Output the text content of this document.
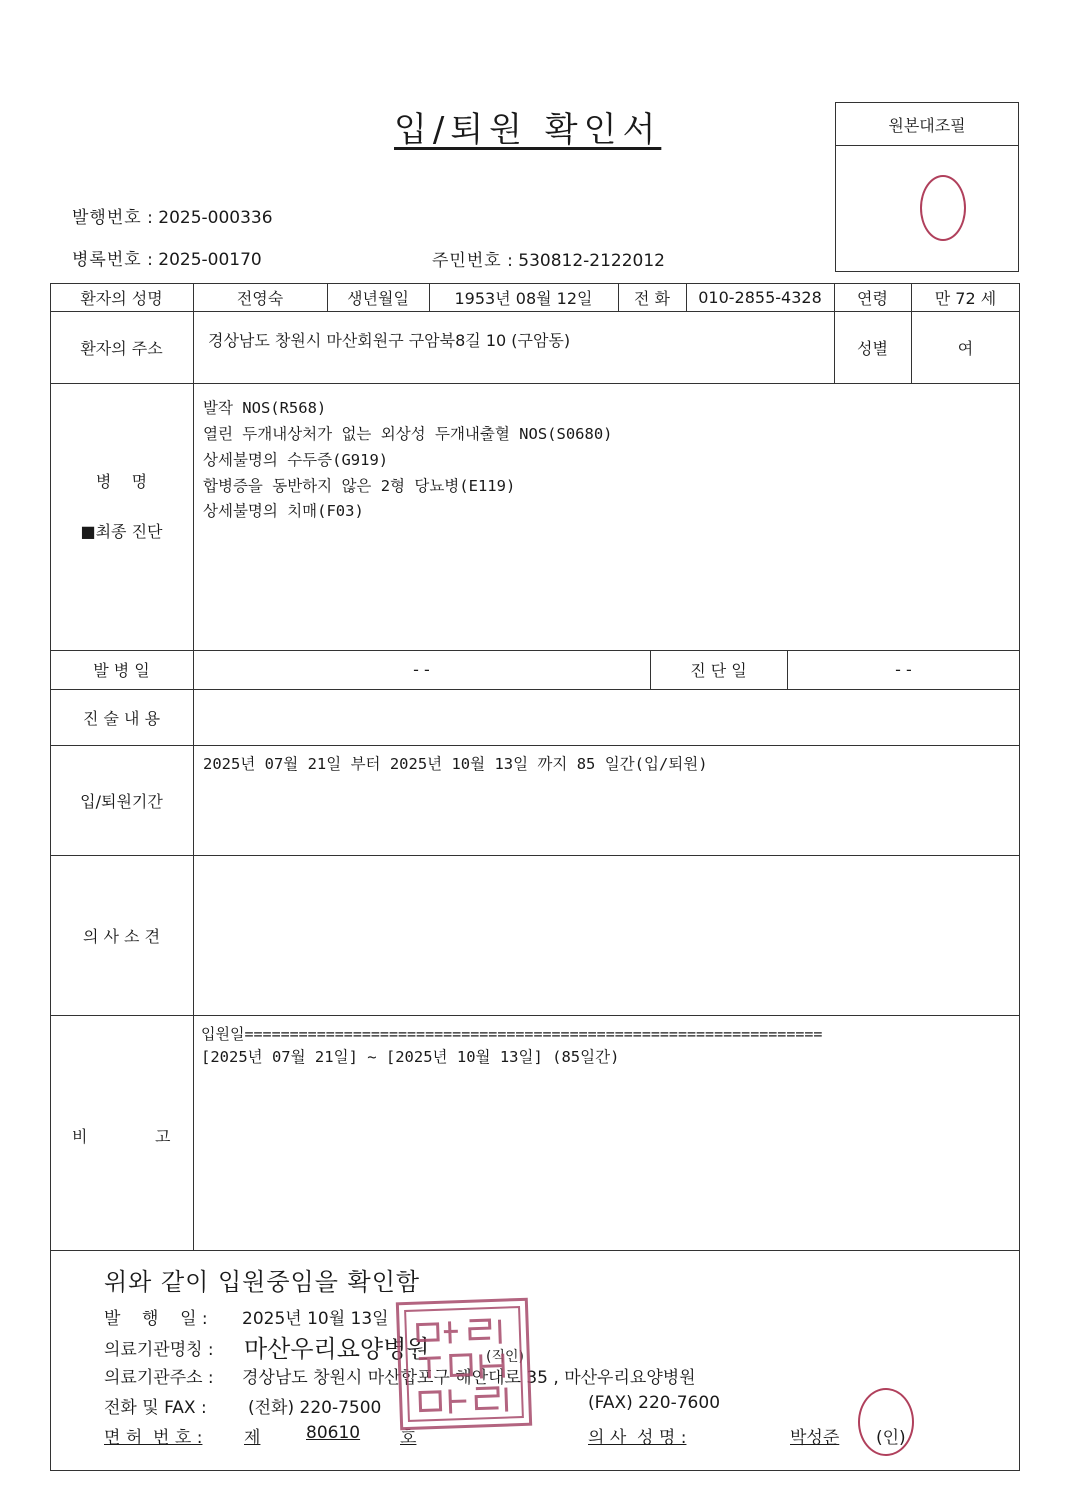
입/퇴원 확인서	원본대조필
발행번호 : 2025-000336
병록번호 : 2025-00170	주민번호 : 530812-2122012
환자의 성명	전영숙	생년월일	1953년 08월 12일	전 화	010-2855-4328	연령	만 72 세
환자의 주소	경상남도 창원시 마산회원구 구암북8길 10 (구암동)	성별	여
병    명
■최종 진단
발작 NOS(R568)
열린 두개내상처가 없는 외상성 두개내출혈 NOS(S0680)
상세불명의 수두증(G919)
합병증을 동반하지 않은 2형 당뇨병(E119)
상세불명의 치매(F03)
발 병 일	- -	진 단 일	- -
진 술 내 용
입/퇴원기간
2025년 07월 21일 부터 2025년 10월 13일 까지 85 일간(입/퇴원)
의 사 소 견
비	고
입원일================================================================
[2025년 07월 21일] ~ [2025년 10월 13일] (85일간)
위와 같이 입원중임을 확인함
발    행    일 : 2025년 10월 13일
의료기관명칭 : 마산우리요양병원	(직인)
의료기관주소 : 경상남도 창원시 마산합포구 해안대로 35 , 마산우리요양병원
전화 및 FAX : (전화) 220-7500	(FAX) 220-7600
면 허  번 호 : 제	80610 호	의 사  성 명 :	박성준 (인)
